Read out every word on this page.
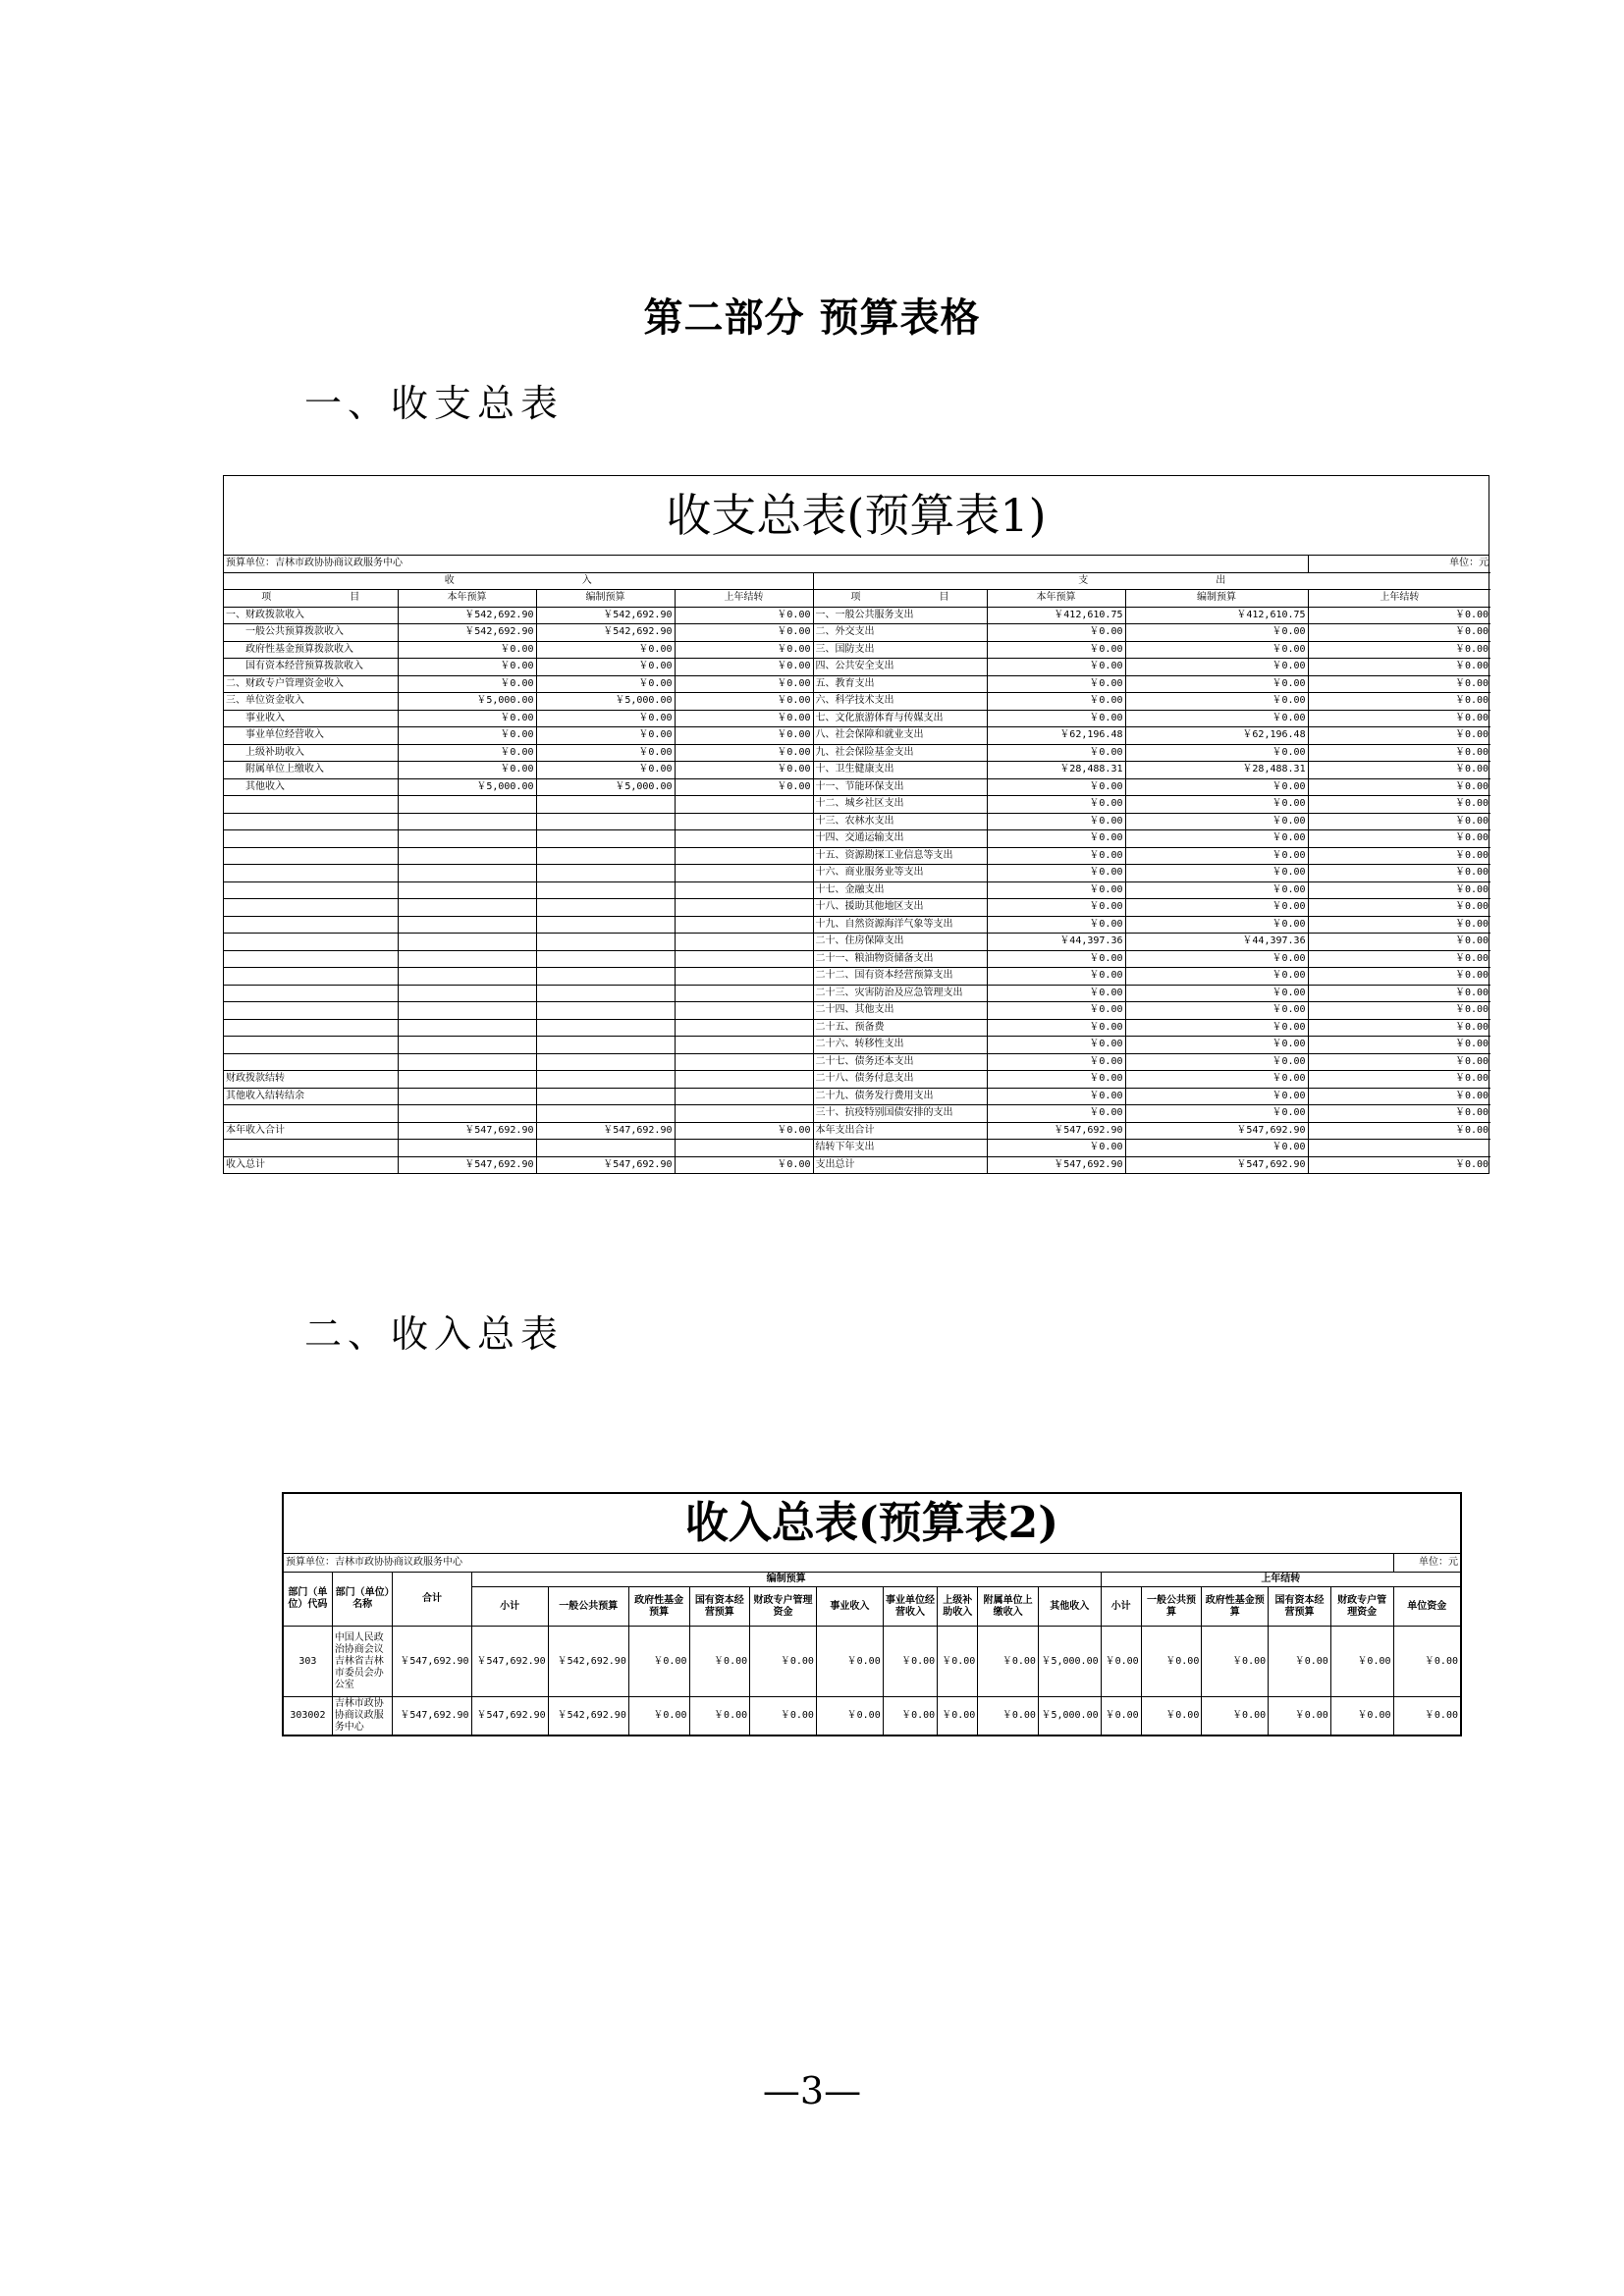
第二部分 预算表格
一、收支总表
收支总表(预算表1)
预算单位：吉林市政协协商议政服务中心							单位：元
收　　　　　　　　　　　　　入				支　　　　　　　　　　　　　出			
项　　　　　　　　目	本年预算	编制预算	上年结转	项　　　　　　　　目	本年预算	编制预算	上年结转
一、财政拨款收入	￥542,692.90	￥542,692.90	￥0.00	一、一般公共服务支出	￥412,610.75	￥412,610.75	￥0.00
一般公共预算拨款收入	￥542,692.90	￥542,692.90	￥0.00	二、外交支出	￥0.00	￥0.00	￥0.00
政府性基金预算拨款收入	￥0.00	￥0.00	￥0.00	三、国防支出	￥0.00	￥0.00	￥0.00
国有资本经营预算拨款收入	￥0.00	￥0.00	￥0.00	四、公共安全支出	￥0.00	￥0.00	￥0.00
二、财政专户管理资金收入	￥0.00	￥0.00	￥0.00	五、教育支出	￥0.00	￥0.00	￥0.00
三、单位资金收入	￥5,000.00	￥5,000.00	￥0.00	六、科学技术支出	￥0.00	￥0.00	￥0.00
事业收入	￥0.00	￥0.00	￥0.00	七、文化旅游体育与传媒支出	￥0.00	￥0.00	￥0.00
事业单位经营收入	￥0.00	￥0.00	￥0.00	八、社会保障和就业支出	￥62,196.48	￥62,196.48	￥0.00
上级补助收入	￥0.00	￥0.00	￥0.00	九、社会保险基金支出	￥0.00	￥0.00	￥0.00
附属单位上缴收入	￥0.00	￥0.00	￥0.00	十、卫生健康支出	￥28,488.31	￥28,488.31	￥0.00
其他收入	￥5,000.00	￥5,000.00	￥0.00	十一、节能环保支出	￥0.00	￥0.00	￥0.00
				十二、城乡社区支出	￥0.00	￥0.00	￥0.00
				十三、农林水支出	￥0.00	￥0.00	￥0.00
				十四、交通运输支出	￥0.00	￥0.00	￥0.00
				十五、资源勘探工业信息等支出	￥0.00	￥0.00	￥0.00
				十六、商业服务业等支出	￥0.00	￥0.00	￥0.00
				十七、金融支出	￥0.00	￥0.00	￥0.00
				十八、援助其他地区支出	￥0.00	￥0.00	￥0.00
				十九、自然资源海洋气象等支出	￥0.00	￥0.00	￥0.00
				二十、住房保障支出	￥44,397.36	￥44,397.36	￥0.00
				二十一、粮油物资储备支出	￥0.00	￥0.00	￥0.00
				二十二、国有资本经营预算支出	￥0.00	￥0.00	￥0.00
				二十三、灾害防治及应急管理支出	￥0.00	￥0.00	￥0.00
				二十四、其他支出	￥0.00	￥0.00	￥0.00
				二十五、预备费	￥0.00	￥0.00	￥0.00
				二十六、转移性支出	￥0.00	￥0.00	￥0.00
				二十七、债务还本支出	￥0.00	￥0.00	￥0.00
财政拨款结转				二十八、债务付息支出	￥0.00	￥0.00	￥0.00
其他收入结转结余				二十九、债务发行费用支出	￥0.00	￥0.00	￥0.00
				三十、抗疫特别国债安排的支出	￥0.00	￥0.00	￥0.00
本年收入合计	￥547,692.90	￥547,692.90	￥0.00	本年支出合计	￥547,692.90	￥547,692.90	￥0.00
				结转下年支出	￥0.00	￥0.00	
收入总计	￥547,692.90	￥547,692.90	￥0.00	支出总计	￥547,692.90	￥547,692.90	￥0.00
二、收入总表
收入总表(预算表2)
预算单位：吉林市政协协商议政服务中心																		单位：元
部门（单位）代码	部门（单位）名称	合计	编制预算										上年结转					
			小计	一般公共预算	政府性基金预算	国有资本经营预算	财政专户管理资金	事业收入	事业单位经营收入	上级补助收入	附属单位上缴收入	其他收入	小计	一般公共预算	政府性基金预算	国有资本经营预算	财政专户管理资金	单位资金
303	中国人民政治协商会议吉林省吉林市委员会办公室	￥547,692.90	￥547,692.90	￥542,692.90	￥0.00	￥0.00	￥0.00	￥0.00	￥0.00	￥0.00	￥0.00	￥5,000.00	￥0.00	￥0.00	￥0.00	￥0.00	￥0.00	￥0.00
303002	吉林市政协协商议政服务中心	￥547,692.90	￥547,692.90	￥542,692.90	￥0.00	￥0.00	￥0.00	￥0.00	￥0.00	￥0.00	￥0.00	￥5,000.00	￥0.00	￥0.00	￥0.00	￥0.00	￥0.00	￥0.00
—3—
